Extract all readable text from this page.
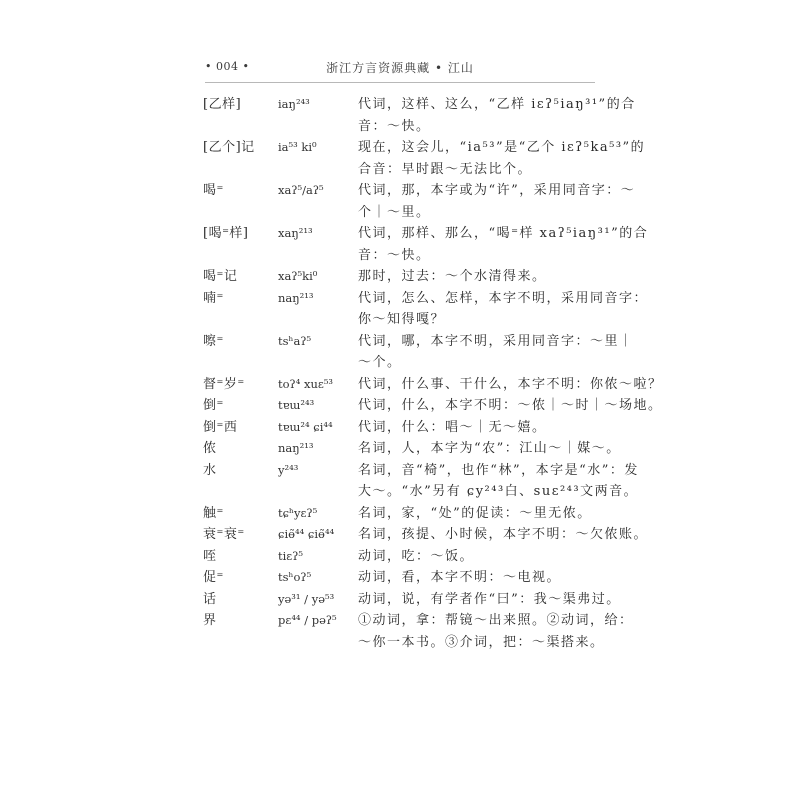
• 004 •	浙江方言资源典藏 • 江山
[乙样]	iaŋ²⁴³	代词，这样、这么，“乙样 iɛʔ⁵iaŋ³¹”的合
音：～快。
[乙个]记	ia⁵³ ki⁰	现在，这会儿，“ia⁵³”是“乙个 iɛʔ⁵ka⁵³”的
合音：早时跟～无法比个。
喝⁼	xaʔ⁵/aʔ⁵	代词，那，本字或为“许”，采用同音字：～
个｜～里。
[喝⁼样]	xaŋ²¹³	代词，那样、那么，“喝⁼样 xaʔ⁵iaŋ³¹”的合
音：～快。
喝⁼记	xaʔ⁵ki⁰	那时，过去：～个水清得来。
喃⁼	naŋ²¹³	代词，怎么、怎样，本字不明，采用同音字：
你～知得嘎？
嚓⁼	tsʰaʔ⁵	代词，哪，本字不明，采用同音字：～里｜
～个。
督⁼岁⁼	toʔ⁴ xuɛ⁵³	代词，什么事、干什么，本字不明：你侬～啦？
倒⁼	tɐɯ²⁴³	代词，什么，本字不明：～侬｜～时｜～场地。
倒⁼西	tɐɯ²⁴ ɕi⁴⁴	代词，什么：唱～｜无～嬉。
侬	naŋ²¹³	名词，人，本字为“农”：江山～｜媒～。
水	y²⁴³	名词，音“椅”，也作“林”，本字是“水”：发
大～。“水”另有 ɕy²⁴³白、suɛ²⁴³文两音。
触⁼	tɕʰyɛʔ⁵	名词，家，“处”的促读：～里无侬。
衰⁼衰⁼	ɕiɵ̃⁴⁴ ɕiɵ̃⁴⁴	名词，孩提、小时候，本字不明：～欠侬账。
咥	tiɛʔ⁵	动词，吃：～饭。
促⁼	tsʰoʔ⁵	动词，看，本字不明：～电视。
话	yə³¹ / yə⁵³	动词，说，有学者作“曰”：我～渠弗过。
界	pɛ⁴⁴ / pəʔ⁵	①动词，拿：帮镜～出来照。②动词，给：
～你一本书。③介词，把：～渠搭来。
